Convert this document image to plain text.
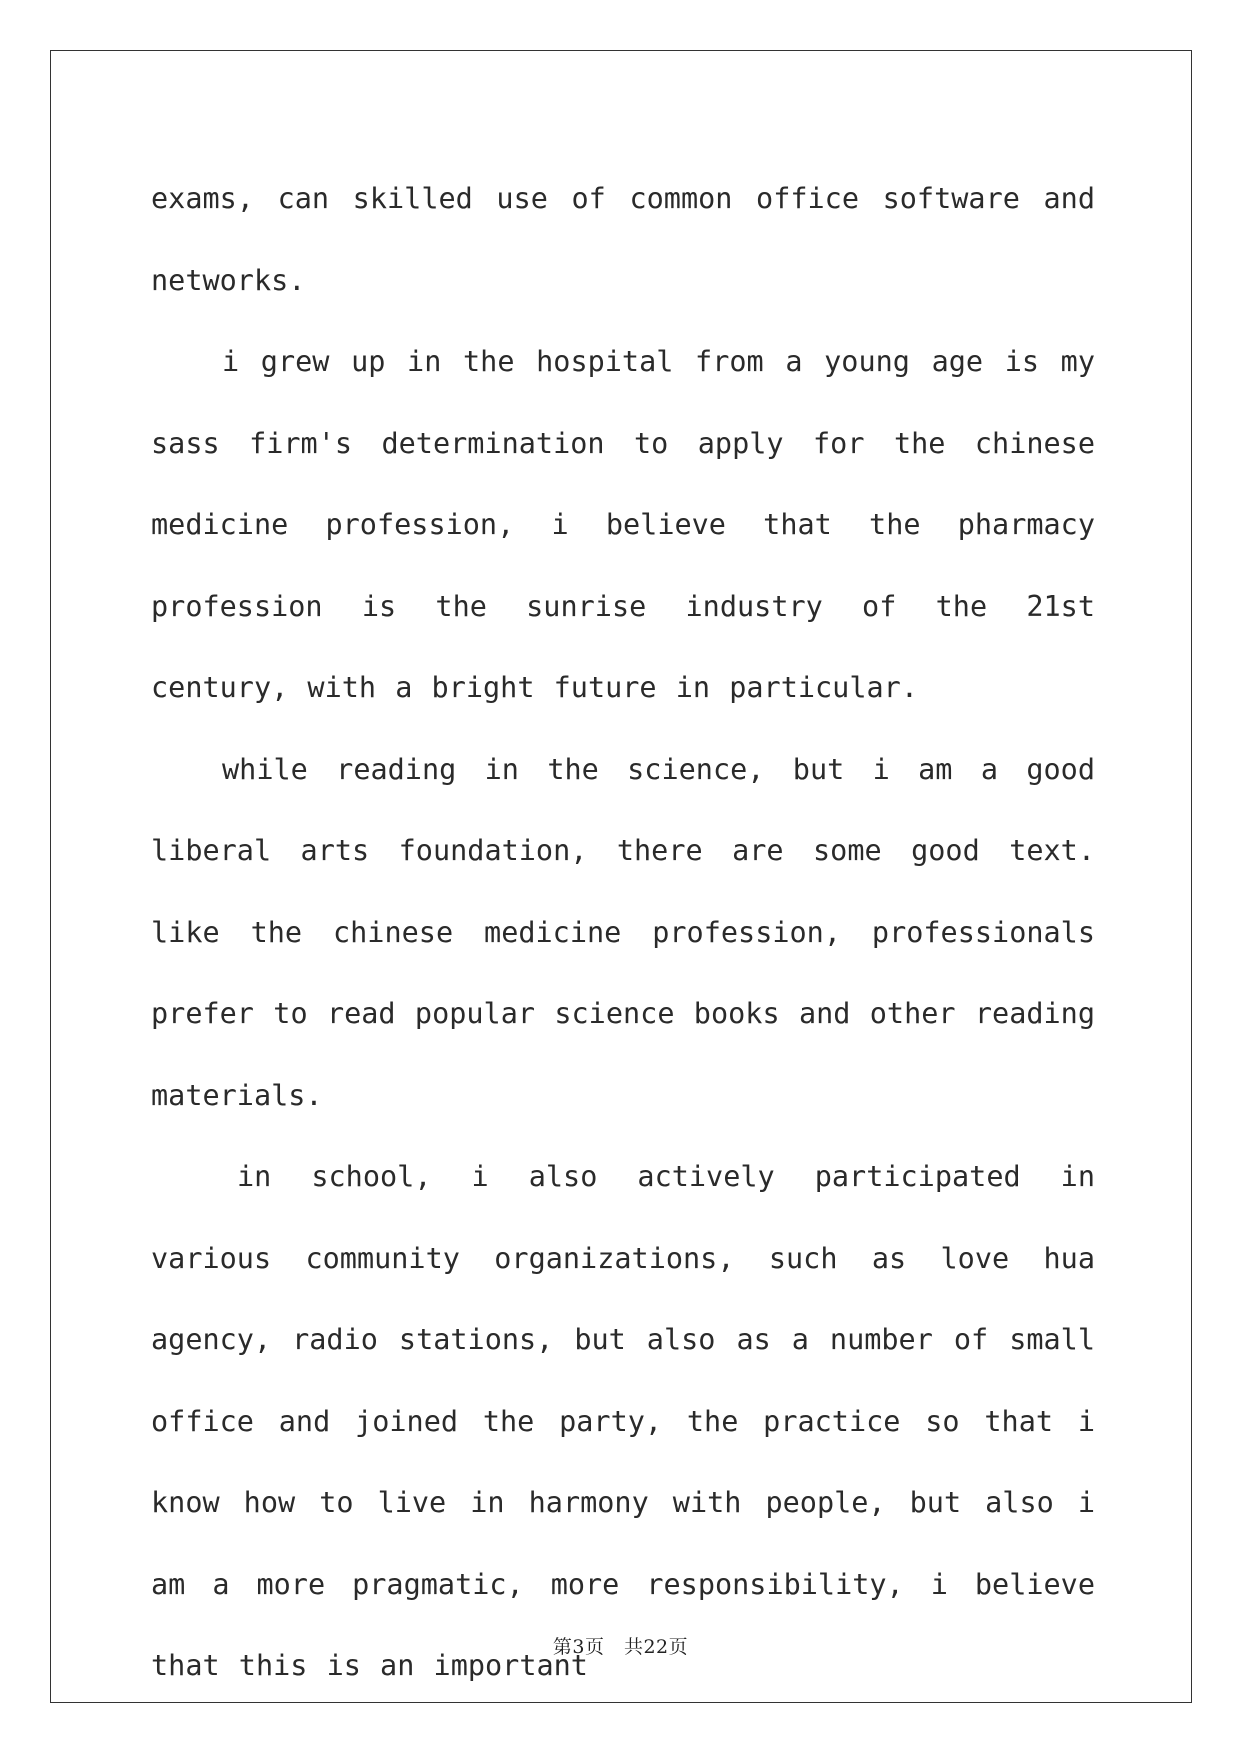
exams, can skilled use of common office software and networks.

i grew up in the hospital from a young age is my sass firm's determination to apply for the chinese medicine profession, i believe that the pharmacy profession is the sunrise industry of the 21st century, with a bright future in particular.

while reading in the science, but i am a good liberal arts foundation, there are some good text. like the chinese medicine profession, professionals prefer to read popular science books and other reading materials.

in school, i also actively participated in various community organizations, such as love hua agency, radio stations, but also as a number of small office and joined the party, the practice so that i know how to live in harmony with people, but also i am a more pragmatic, more responsibility, i believe that this is an important

第3页　共22页
